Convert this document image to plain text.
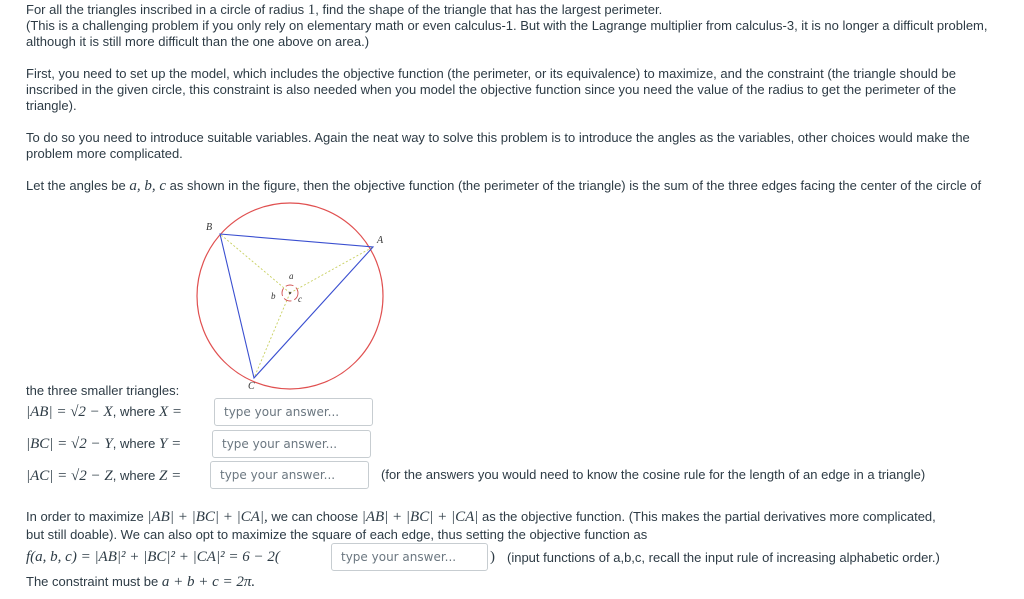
For all the triangles inscribed in a circle of radius 1, find the shape of the triangle that has the largest perimeter.
(This is a challenging problem if you only rely on elementary math or even calculus-1. But with the Lagrange multiplier from calculus-3, it is no longer a difficult problem,
although it is still more difficult than the one above on area.)
First, you need to set up the model, which includes the objective function (the perimeter, or its equivalence) to maximize, and the constraint (the triangle should be
inscribed in the given circle, this constraint is also needed when you model the objective function since you need the value of the radius to get the perimeter of the
triangle).
To do so you need to introduce suitable variables. Again the neat way to solve this problem is to introduce the angles as the variables, other choices would make the
problem more complicated.
Let the angles be a, b, c as shown in the figure, then the objective function (the perimeter of the triangle) is the sum of the three edges facing the center of the circle of
B
A
C
a
b	c
the three smaller triangles:
|AB| = √2 − X, where X =	type your answer...
|BC| = √2 − Y, where Y =	type your answer...
|AC| = √2 − Z, where Z =	type your answer...	(for the answers you would need to know the cosine rule for the length of an edge in a triangle)
In order to maximize |AB| + |BC| + |CA|, we can choose |AB| + |BC| + |CA| as the objective function. (This makes the partial derivatives more complicated,
but still doable). We can also opt to maximize the square of each edge, thus setting the objective function as
f(a, b, c) = |AB|² + |BC|² + |CA|² = 6 − 2(	type your answer...	) (input functions of a,b,c, recall the input rule of increasing alphabetic order.)
The constraint must be a + b + c = 2π.
